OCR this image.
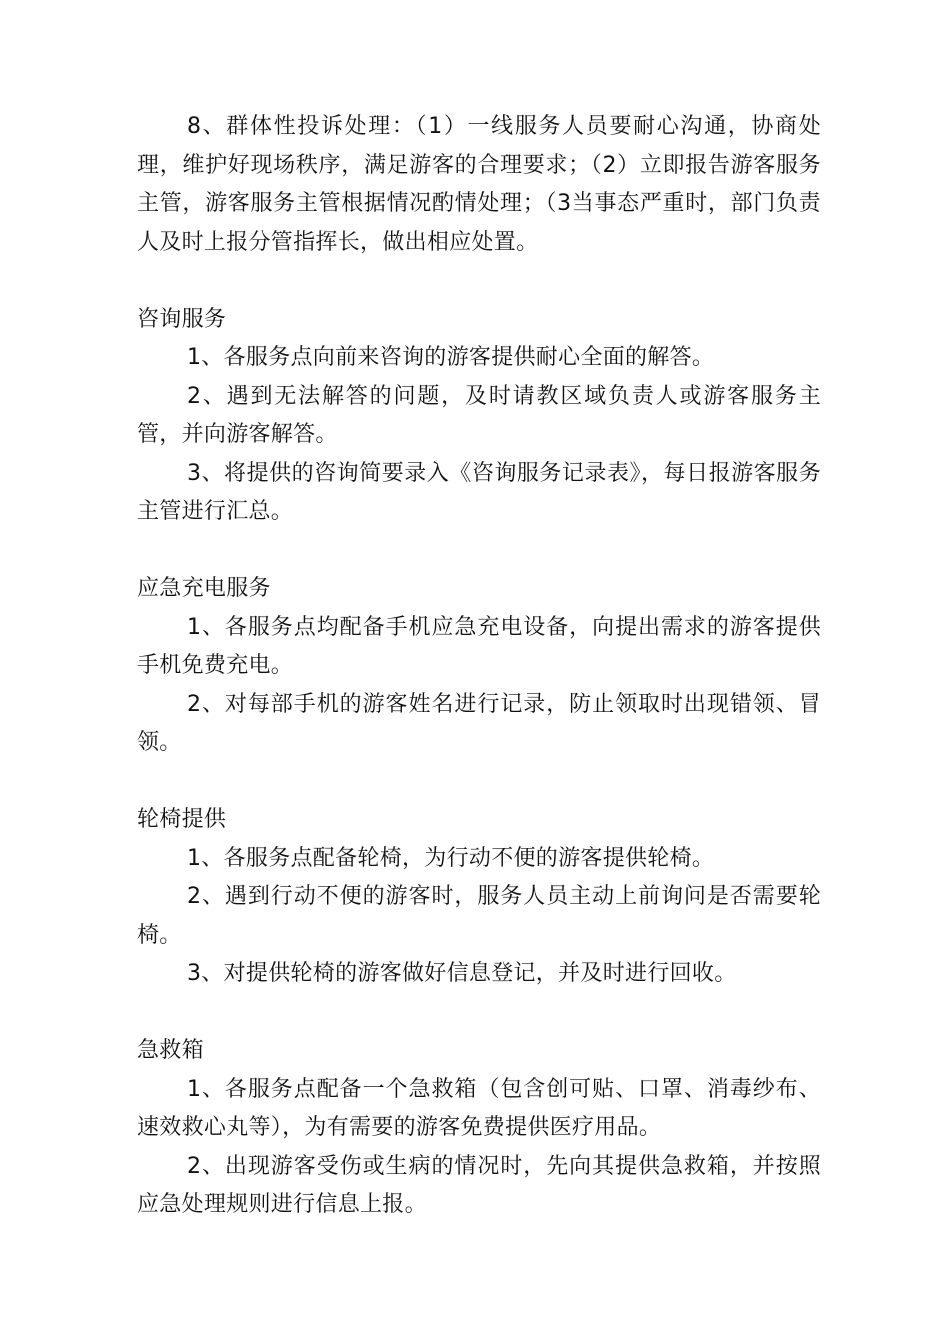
8、群体性投诉处理：（1）一线服务人员要耐心沟通，协商处理，维护好现场秩序，满足游客的合理要求；（2）立即报告游客服务主管，游客服务主管根据情况酌情处理；（3当事态严重时，部门负责人及时上报分管指挥长，做出相应处置。

咨询服务

1、各服务点向前来咨询的游客提供耐心全面的解答。

2、遇到无法解答的问题，及时请教区域负责人或游客服务主管，并向游客解答。

3、将提供的咨询简要录入《咨询服务记录表》，每日报游客服务主管进行汇总。

应急充电服务

1、各服务点均配备手机应急充电设备，向提出需求的游客提供手机免费充电。

2、对每部手机的游客姓名进行记录，防止领取时出现错领、冒领。

轮椅提供

1、各服务点配备轮椅，为行动不便的游客提供轮椅。

2、遇到行动不便的游客时，服务人员主动上前询问是否需要轮椅。

3、对提供轮椅的游客做好信息登记，并及时进行回收。

急救箱

1、各服务点配备一个急救箱（包含创可贴、口罩、消毒纱布、速效救心丸等），为有需要的游客免费提供医疗用品。

2、出现游客受伤或生病的情况时，先向其提供急救箱，并按照应急处理规则进行信息上报。
